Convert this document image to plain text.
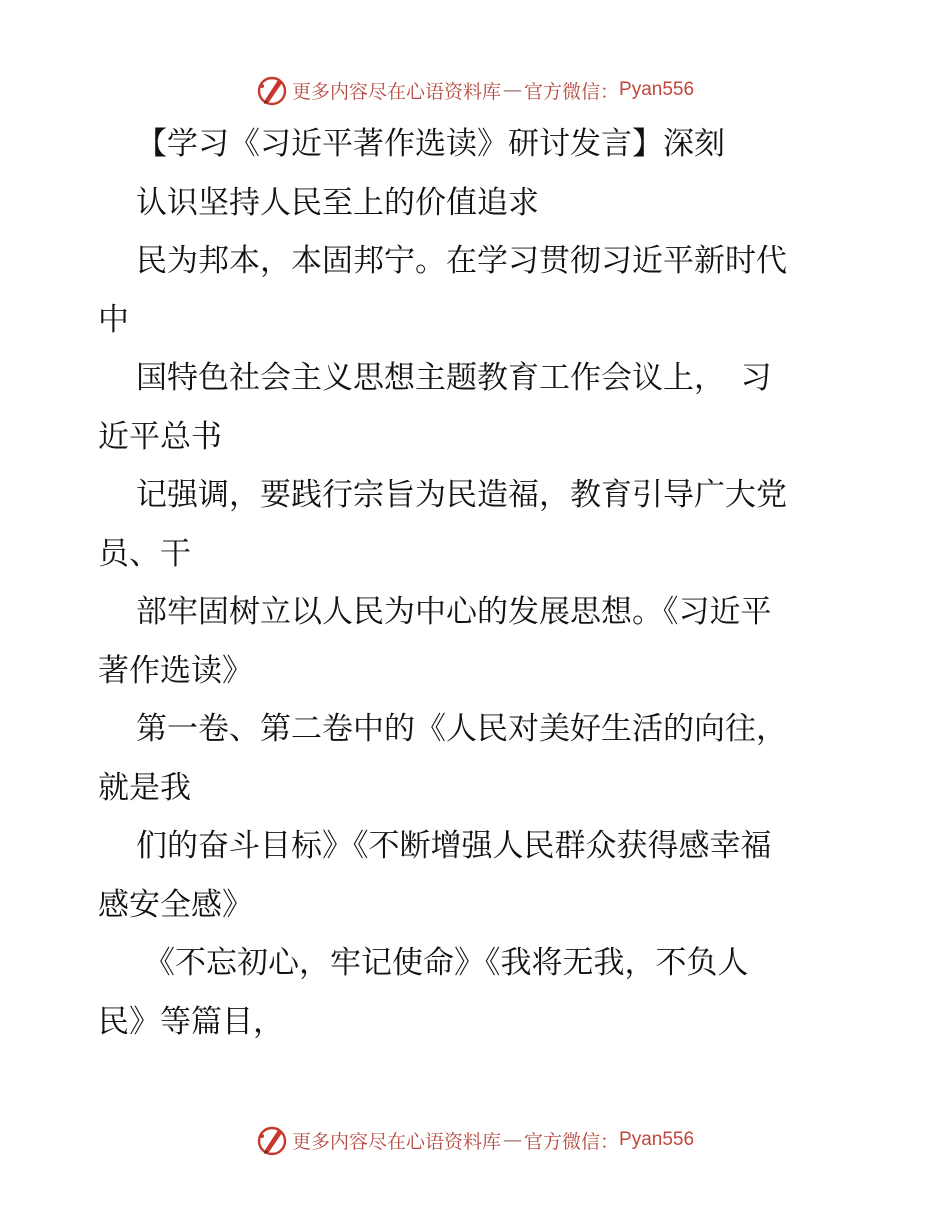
更多内容尽在心语资料库 — 官方微信 ： Pyan556
【学习《习近平著作选读》研讨发言】深刻
认识坚持人民至上的价值追求
民为邦本，本固邦宁。在学习贯彻习近平新时代
中
国特色社会主义思想主题教育工作会议上，　习
近平总书
记强调，要践行宗旨为民造福，教育引导广大党
员、干
部牢固树立以人民为中心的发展思想。《习近平
著作选读》
第一卷、第二卷中的《人民对美好生活的向往，
就是我
们的奋斗目标》《不断增强人民群众获得感幸福
感安全感》
《不忘初心，牢记使命》《我将无我，不负人
民》等篇目，
更多内容尽在心语资料库 — 官方微信 ： Pyan556
